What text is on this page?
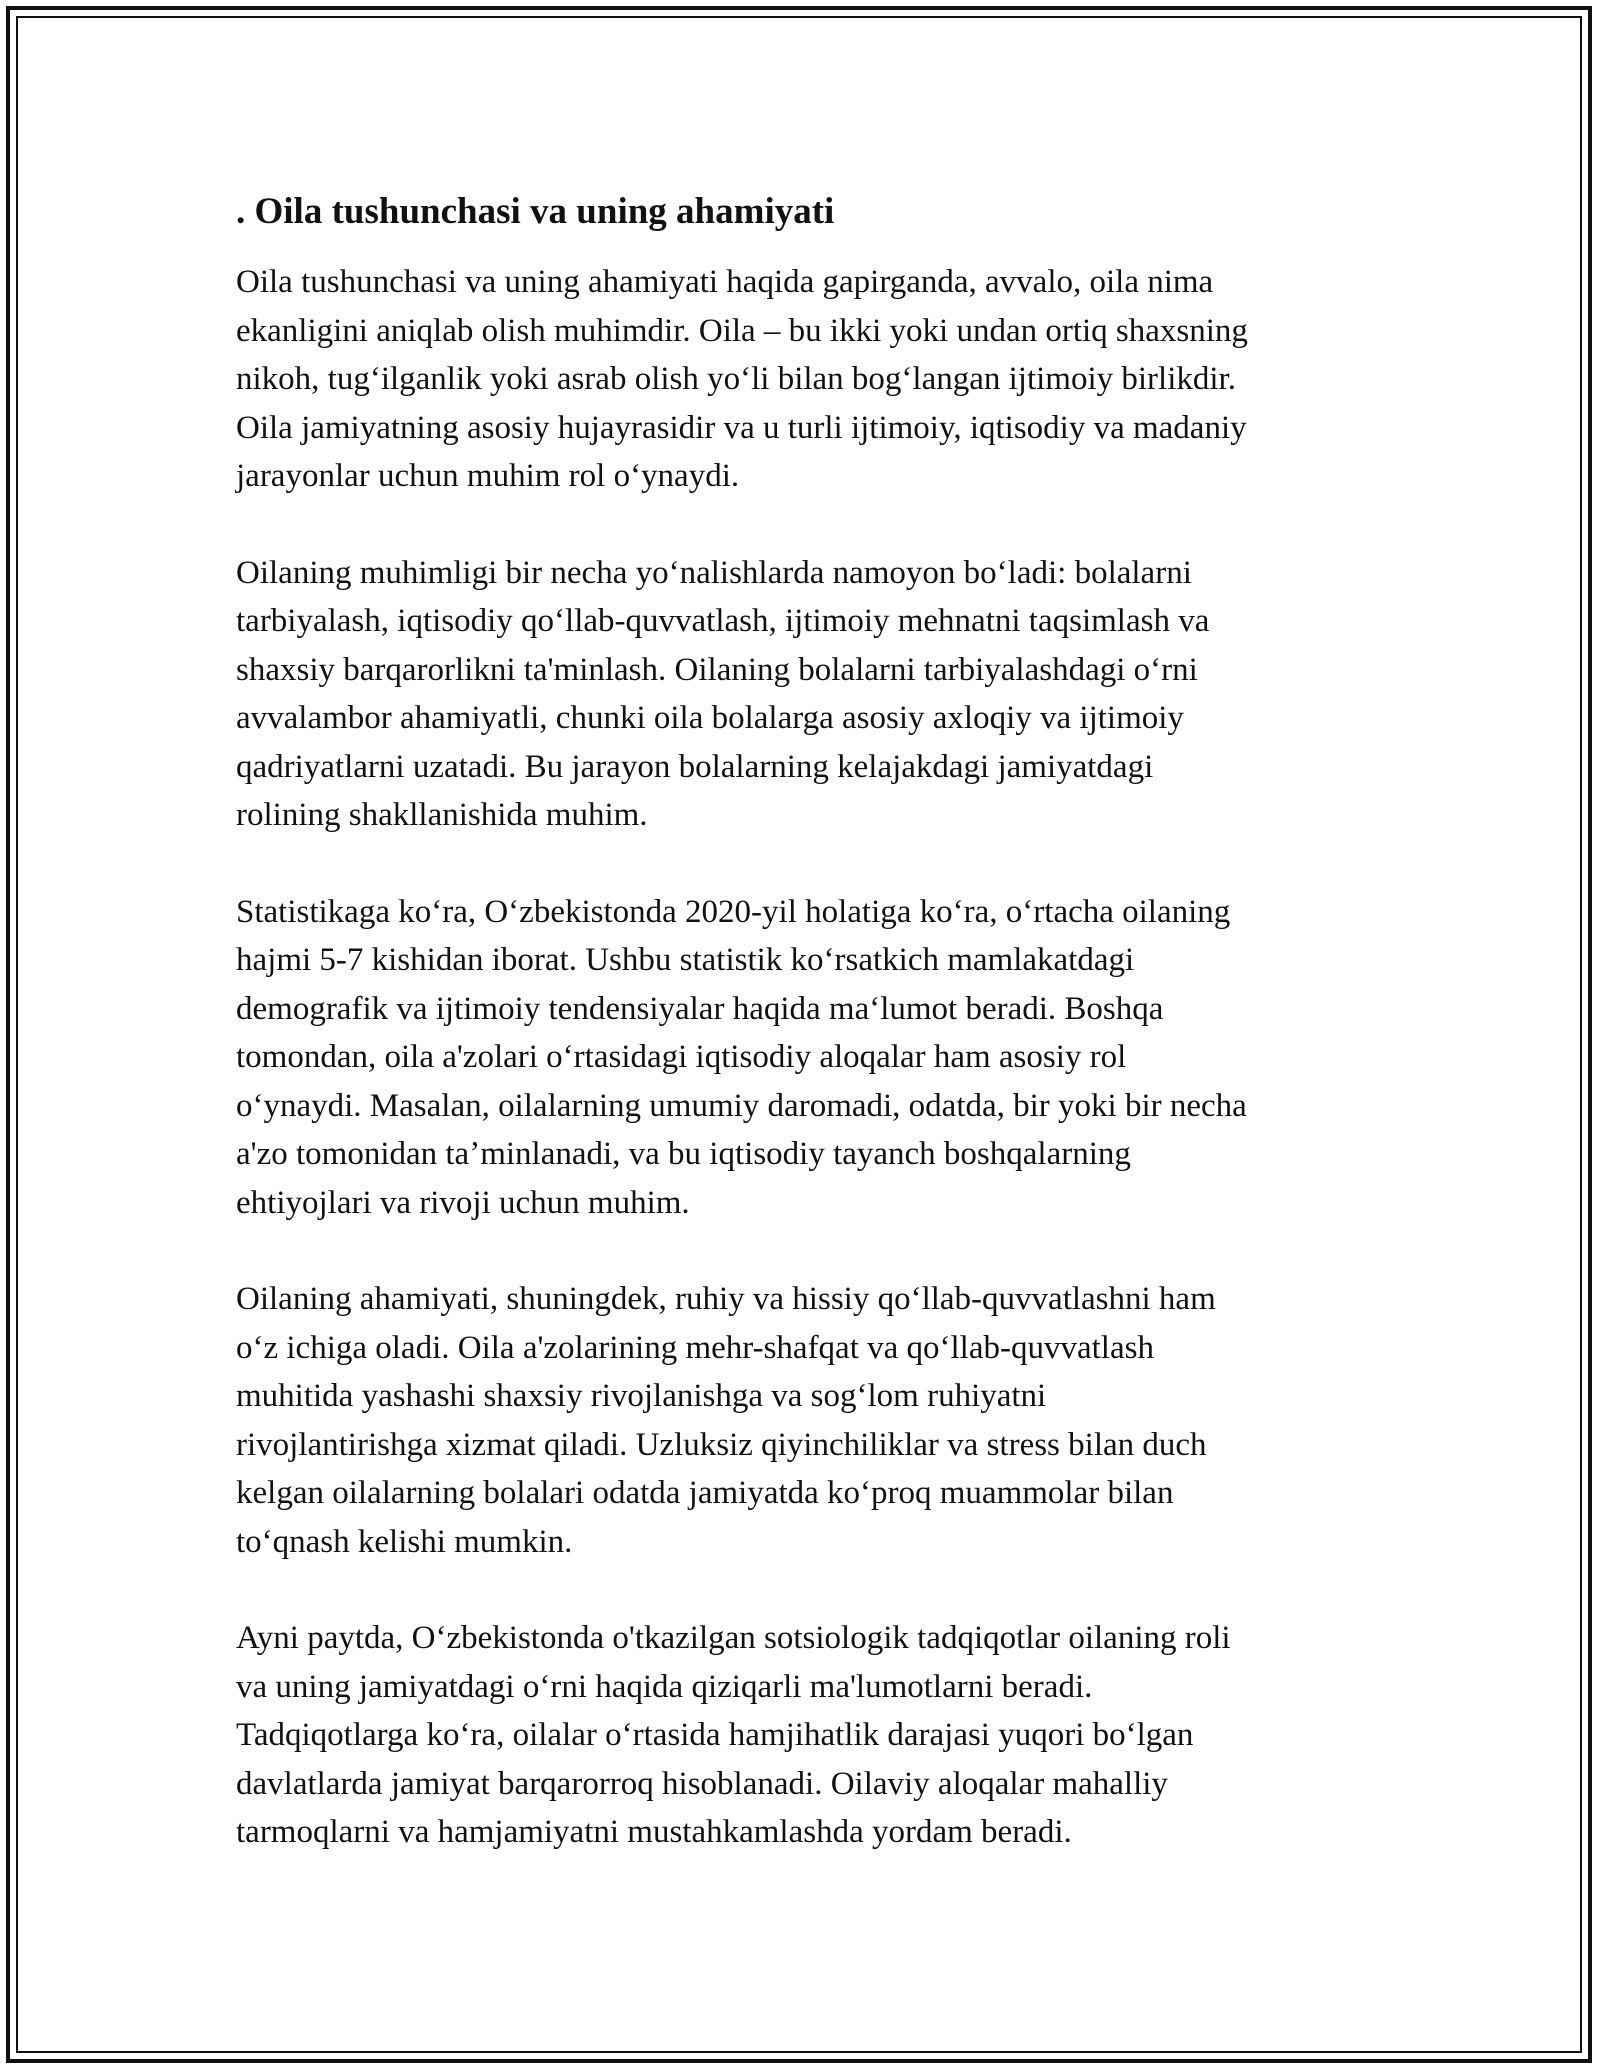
. Oila tushunchasi va uning ahamiyati
Oila tushunchasi va uning ahamiyati haqida gapirganda, avvalo, oila nima
ekanligini aniqlab olish muhimdir. Oila – bu ikki yoki undan ortiq shaxsning
nikoh, tugʻilganlik yoki asrab olish yoʻli bilan bogʻlangan ijtimoiy birlikdir.
Oila jamiyatning asosiy hujayrasidir va u turli ijtimoiy, iqtisodiy va madaniy
jarayonlar uchun muhim rol oʻynaydi.
Oilaning muhimligi bir necha yoʻnalishlarda namoyon boʻladi: bolalarni
tarbiyalash, iqtisodiy qoʻllab-quvvatlash, ijtimoiy mehnatni taqsimlash va
shaxsiy barqarorlikni ta'minlash. Oilaning bolalarni tarbiyalashdagi oʻrni
avvalambor ahamiyatli, chunki oila bolalarga asosiy axloqiy va ijtimoiy
qadriyatlarni uzatadi. Bu jarayon bolalarning kelajakdagi jamiyatdagi
rolining shakllanishida muhim.
Statistikaga koʻra, Oʻzbekistonda 2020-yil holatiga koʻra, oʻrtacha oilaning
hajmi 5-7 kishidan iborat. Ushbu statistik koʻrsatkich mamlakatdagi
demografik va ijtimoiy tendensiyalar haqida maʻlumot beradi. Boshqa
tomondan, oila a'zolari oʻrtasidagi iqtisodiy aloqalar ham asosiy rol
oʻynaydi. Masalan, oilalarning umumiy daromadi, odatda, bir yoki bir necha
a'zo tomonidan taʼminlanadi, va bu iqtisodiy tayanch boshqalarning
ehtiyojlari va rivoji uchun muhim.
Oilaning ahamiyati, shuningdek, ruhiy va hissiy qoʻllab-quvvatlashni ham
oʻz ichiga oladi. Oila a'zolarining mehr-shafqat va qoʻllab-quvvatlash
muhitida yashashi shaxsiy rivojlanishga va sogʻlom ruhiyatni
rivojlantirishga xizmat qiladi. Uzluksiz qiyinchiliklar va stress bilan duch
kelgan oilalarning bolalari odatda jamiyatda koʻproq muammolar bilan
toʻqnash kelishi mumkin.
Ayni paytda, Oʻzbekistonda o'tkazilgan sotsiologik tadqiqotlar oilaning roli
va uning jamiyatdagi oʻrni haqida qiziqarli ma'lumotlarni beradi.
Tadqiqotlarga koʻra, oilalar oʻrtasida hamjihatlik darajasi yuqori boʻlgan
davlatlarda jamiyat barqarorroq hisoblanadi. Oilaviy aloqalar mahalliy
tarmoqlarni va hamjamiyatni mustahkamlashda yordam beradi.
